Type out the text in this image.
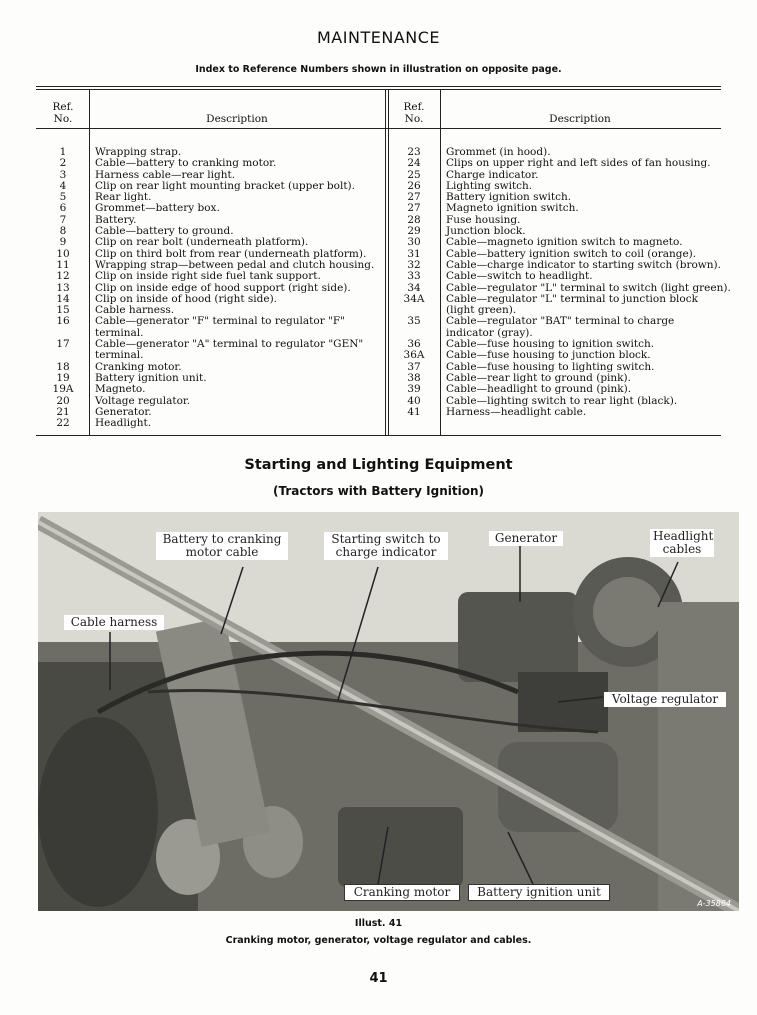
MAINTENANCE
Index to Reference Numbers shown in illustration on opposite page.
Ref.
No.	Description
Ref.
No.	Description
1	Wrapping strap.
2	Cable—battery to cranking motor.
3	Harness cable—rear light.
4	Clip on rear light mounting bracket (upper bolt).
5	Rear light.
6	Grommet—battery box.
7	Battery.
8	Cable—battery to ground.
9	Clip on rear bolt (underneath platform).
10	Clip on third bolt from rear (underneath platform).
11	Wrapping strap—between pedal and clutch housing.
12	Clip on inside right side fuel tank support.
13	Clip on inside edge of hood support (right side).
14	Clip on inside of hood (right side).
15	Cable harness.
16	Cable—generator "F" terminal to regulator "F" terminal.
17	Cable—generator "A" terminal to regulator "GEN" terminal.
18	Cranking motor.
19	Battery ignition unit.
19A	Magneto.
20	Voltage regulator.
21	Generator.
22	Headlight.
23	Grommet (in hood).
24	Clips on upper right and left sides of fan housing.
25	Charge indicator.
26	Lighting switch.
27	Battery ignition switch.
27	Magneto ignition switch.
28	Fuse housing.
29	Junction block.
30	Cable—magneto ignition switch to magneto.
31	Cable—battery ignition switch to coil (orange).
32	Cable—charge indicator to starting switch (brown).
33	Cable—switch to headlight.
34	Cable—regulator "L" terminal to switch (light green).
34A	Cable—regulator "L" terminal to junction block (light green).
35	Cable—regulator "BAT" terminal to charge indicator (gray).
36	Cable—fuse housing to ignition switch.
36A	Cable—fuse housing to junction block.
37	Cable—fuse housing to lighting switch.
38	Cable—rear light to ground (pink).
39	Cable—headlight to ground (pink).
40	Cable—lighting switch to rear light (black).
41	Harness—headlight cable.
Starting and Lighting Equipment
(Tractors with Battery Ignition)
Battery to cranking motor cable
Starting switch to charge indicator
Generator	Headlight cables
Cable harness
Voltage regulator
Cranking motor	Battery ignition unit
A-35864
Illust. 41
Cranking motor, generator, voltage regulator and cables.
41
